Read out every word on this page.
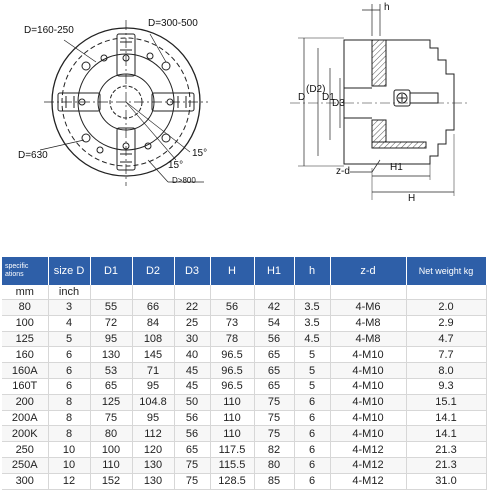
D=160-250
D=300-500
D=630
15°
15°
D>800
h
D
(D2)
D1
D3
z-d	H1
H
specific
ations	size D	D1	D2	D3	H	H1	h	z-d	Net weight kg
mm	inch								
80	3	55	66	22	56	42	3.5	4-M6	2.0
100	4	72	84	25	73	54	3.5	4-M8	2.9
125	5	95	108	30	78	56	4.5	4-M8	4.7
160	6	130	145	40	96.5	65	5	4-M10	7.7
160A	6	53	71	45	96.5	65	5	4-M10	8.0
160T	6	65	95	45	96.5	65	5	4-M10	9.3
200	8	125	104.8	50	110	75	6	4-M10	15.1
200A	8	75	95	56	110	75	6	4-M10	14.1
200K	8	80	112	56	110	75	6	4-M10	14.1
250	10	100	120	65	117.5	82	6	4-M12	21.3
250A	10	110	130	75	115.5	80	6	4-M12	21.3
300	12	152	130	75	128.5	85	6	4-M12	31.0
